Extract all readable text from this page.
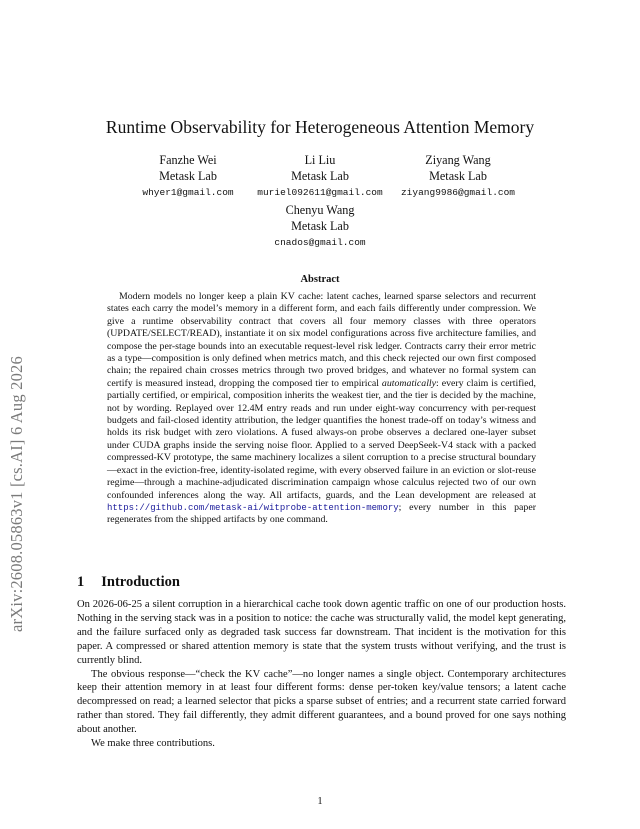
arXiv:2608.05863v1 [cs.AI] 6 Aug 2026
Runtime Observability for Heterogeneous Attention Memory
Fanzhe Wei
Metask Lab
whyer1@gmail.com
Li Liu
Metask Lab
muriel092611@gmail.com
Ziyang Wang
Metask Lab
ziyang9986@gmail.com
Chenyu Wang
Metask Lab
cnados@gmail.com
Abstract

Modern models no longer keep a plain KV cache: latent caches, learned sparse selectors and recurrent states each carry the model’s memory in a different form, and each fails differently under compression. We give a runtime observability contract that covers all four memory classes with three operators (UPDATE/SELECT/READ), instantiate it on six model configurations across five architecture families, and compose the per-stage bounds into an executable request-level risk ledger. Contracts carry their error metric as a type—composition is only defined when metrics match, and this check rejected our own first composed chain; the repaired chain crosses metrics through two proved bridges, and whatever no formal system can certify is measured instead, dropping the composed tier to empirical automatically: every claim is certified, partially certified, or empirical, composition inherits the weakest tier, and the tier is decided by the machine, not by wording. Replayed over 12.4M entry reads and run under eight-way concurrency with per-request budgets and fail-closed identity attribution, the ledger quantifies the honest trade-off on today’s witness and holds its risk budget with zero violations. A fused always-on probe observes a declared one-layer subset under CUDA graphs inside the serving noise floor. Applied to a served DeepSeek-V4 stack with a packed compressed-KV prototype, the same machinery localizes a silent corruption to a precise structural boundary —exact in the eviction-free, identity-isolated regime, with every observed failure in an eviction or slot-reuse regime—through a machine-adjudicated discrimination campaign whose calculus rejected two of our own confounded inferences along the way. All artifacts, guards, and the Lean development are released at https://github.com/metask-ai/witprobe-attention-memory; every number in this paper regenerates from the shipped artifacts by one command.

1 Introduction

On 2026-06-25 a silent corruption in a hierarchical cache took down agentic traffic on one of our production hosts. Nothing in the serving stack was in a position to notice: the cache was structurally valid, the model kept generating, and the failure surfaced only as degraded task success far downstream. That incident is the motivation for this paper. A compressed or shared attention memory is state that the system trusts without verifying, and the trust is currently blind.

The obvious response—“check the KV cache”—no longer names a single object. Contemporary architectures keep their attention memory in at least four different forms: dense per-token key/value tensors; a latent cache decompressed on read; a learned selector that picks a sparse subset of entries; and a recurrent state carried forward rather than stored. They fail differently, they admit different guarantees, and a bound proved for one says nothing about another.

We make three contributions.

1
